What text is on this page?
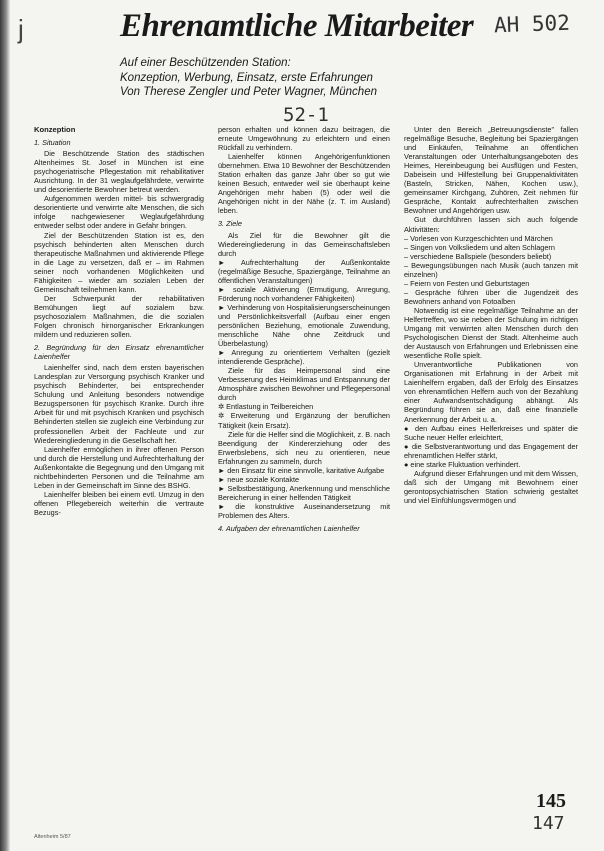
j	Ehrenamtliche Mitarbeiter AH 502
Auf einer Beschützenden Station:
Konzeption, Werbung, Einsatz, erste Erfahrungen
Von Therese Zengler und Peter Wagner, München
52-1
Konzeption
1. Situation

Die Beschützende Station des städtischen Altenheimes St. Josef in München ist eine psychogeriatrische Pflegestation mit rehabilitativer Ausrichtung. In der 31 weglaufgefährdete, verwirrte und desorientierte Bewohner betreut werden.

Aufgenommen werden mittel- bis schwergradig desorientierte und verwirrte alte Menschen, die sich infolge nachgewiesener Weglaufgefährdung entweder selbst oder andere in Gefahr bringen.

Ziel der Beschützenden Station ist es, den psychisch behinderten alten Menschen durch therapeutische Maßnahmen und aktivierende Pflege in die Lage zu versetzen, daß er – im Rahmen seiner noch vorhandenen Möglichkeiten und Fähigkeiten – wieder am sozialen Leben der Gemeinschaft teilnehmen kann.

Der Schwerpunkt der rehabilitativen Bemühungen liegt auf sozialem bzw. psychosozialem Maßnahmen, die die sozialen Folgen chronisch hirnorganischer Erkrankungen mildern und reduzieren sollen.

2. Begründung für den Einsatz ehrenamtlicher Laienhelfer

Laienhelfer sind, nach dem ersten bayerischen Landesplan zur Versorgung psychisch Kranker und psychisch Behinderter, bei entsprechender Schulung und Anleitung besonders notwendige Bezugspersonen für psychisch Kranke. Durch ihre Arbeit für und mit psychisch Kranken und psychisch Behinderten stellen sie zugleich eine Verbindung zur professionellen Arbeit der Fachleute und zur Wiedereingliederung in die Gesellschaft her.

Laienhelfer ermöglichen in ihrer offenen Person und durch die Herstellung und Aufrechterhaltung der Außenkontakte die Begegnung und den Umgang mit nichtbehinderten Personen und die Teilnahme am Leben in der Gemeinschaft im Sinne des BSHG.

Laienhelfer bleiben bei einem evtl. Umzug in den offenen Pflegebereich weiterhin die vertraute Bezugs-

person erhalten und können dazu beitragen, die erneute Umgewöhnung zu erleichtern und einen Rückfall zu verhindern.

Laienhelfer können Angehörigenfunktionen übernehmen. Etwa 10 Bewohner der Beschützenden Station erhalten das ganze Jahr über so gut wie keinen Besuch, entweder weil sie überhaupt keine Angehörigen mehr haben (5) oder weil die Angehörigen nicht in der Nähe (z. T. im Ausland) leben.

3. Ziele

Als Ziel für die Bewohner gilt die Wiedereingliederung in das Gemeinschaftsleben durch

► Aufrechterhaltung der Außenkontakte (regelmäßige Besuche, Spaziergänge, Teilnahme an öffentlichen Veranstaltungen)
► soziale Aktivierung (Ermutigung, Anregung, Förderung noch vorhandener Fähigkeiten)
► Verhinderung von Hospitalisierungserscheinungen und Persönlichkeitsverfall (Aufbau einer engen persönlichen Beziehung, emotionale Zuwendung, menschliche Nähe ohne Zeitdruck und Überbelastung)
► Anregung zu orientiertem Verhalten (gezielt intendierende Gespräche).

Ziele für das Heimpersonal sind eine Verbesserung des Heimklimas und Entspannung der Atmosphäre zwischen Bewohner und Pflegepersonal durch

✲ Entlastung in Teilbereichen
✲ Erweiterung und Ergänzung der beruflichen Tätigkeit (kein Ersatz).

Ziele für die Helfer sind die Möglichkeit, z. B. nach Beendigung der Kindererziehung oder des Erwerbslebens, sich neu zu orientieren, neue Erfahrungen zu sammeln, durch

► den Einsatz für eine sinnvolle, karitative Aufgabe
► neue soziale Kontakte
► Selbstbestätigung, Anerkennung und menschliche Bereicherung in einer helfenden Tätigkeit
► die konstruktive Auseinandersetzung mit Problemen des Alters.
4. Aufgaben der ehrenamtlichen Laienhelfer

Unter den Bereich „Betreuungsdienste" fallen regelmäßige Besuche, Begleitung bei Spaziergängen und Einkäufen, Teilnahme an öffentlichen Veranstaltungen oder Unterhaltungsangeboten des Heimes, Hereinbeugung bei Ausflügen und Festen, Dabeisein und Hilfestellung bei Gruppenaktivitäten (Basteln, Stricken, Nähen, Kochen usw.), gemeinsamer Kirchgang, Zuhören, Zeit nehmen für Gespräche, Kontakt aufrechterhalten zwischen Bewohner und Angehörigen usw.

Gut durchführen lassen sich auch folgende Aktivitäten:

– Vorlesen von Kurzgeschichten und Märchen
– Singen von Volksliedern und alten Schlagern
– verschiedene Ballspiele (besonders beliebt)
– Bewegungsübungen nach Musik (auch tanzen mit einzelnen)
– Feiern von Festen und Geburtstagen
– Gespräche führen über die Jugendzeit des Bewohners anhand von Fotoalben

Notwendig ist eine regelmäßige Teilnahme an der Helfertreffen, wo sie neben der Schulung im richtigen Umgang mit verwirrten alten Menschen durch den Psychologischen Dienst der Stadt. Altenheime auch der Austausch von Erfahrungen und Erlebnissen eine wesentliche Rolle spielt.

Unverantwortliche Publikationen von Organisationen mit Erfahrung in der Arbeit mit Laienhelfern ergaben, daß der Erfolg des Einsatzes von ehrenamtlichen Helfern auch von der Bezahlung einer Aufwandsentschädigung abhängt. Als Begründung führen sie an, daß eine finanzielle Anerkennung der Arbeit u. a.

● den Aufbau eines Helferkreises und später die Suche neuer Helfer erleichtert,
● die Selbstverantwortung und das Engagement der ehrenamtlichen Helfer stärkt,
● eine starke Fluktuation verhindert.

Aufgrund dieser Erfahrungen und mit dem Wissen, daß sich der Umgang mit Bewohnern einer gerontopsychiatrischen Station schwierig gestaltet und viel Einfühlungsvermögen und

Altenheim 5/87
145
147
